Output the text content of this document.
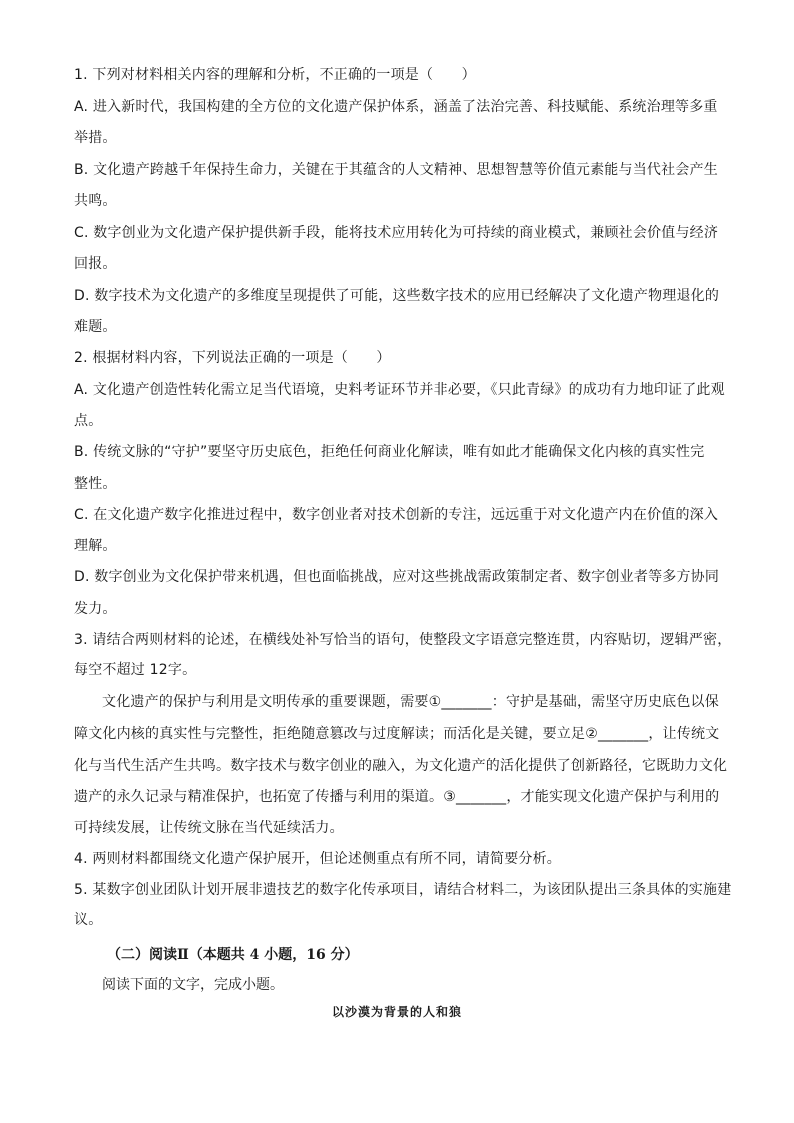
1. 下列对材料相关内容的理解和分析，不正确的一项是（　　）
A. 进入新时代，我国构建的全方位的文化遗产保护体系，涵盖了法治完善、科技赋能、系统治理等多重
举措。
B. 文化遗产跨越千年保持生命力，关键在于其蕴含的人文精神、思想智慧等价值元素能与当代社会产生
共鸣。
C. 数字创业为文化遗产保护提供新手段，能将技术应用转化为可持续的商业模式，兼顾社会价值与经济
回报。
D. 数字技术为文化遗产的多维度呈现提供了可能，这些数字技术的应用已经解决了文化遗产物理退化的
难题。
2. 根据材料内容，下列说法正确的一项是（　　）
A. 文化遗产创造性转化需立足当代语境，史料考证环节并非必要，《只此青绿》的成功有力地印证了此观
点。
B. 传统文脉的“守护”要坚守历史底色，拒绝任何商业化解读，唯有如此才能确保文化内核的真实性完
整性。
C. 在文化遗产数字化推进过程中，数字创业者对技术创新的专注，远远重于对文化遗产内在价值的深入
理解。
D. 数字创业为文化保护带来机遇，但也面临挑战，应对这些挑战需政策制定者、数字创业者等多方协同
发力。
3. 请结合两则材料的论述，在横线处补写恰当的语句，使整段文字语意完整连贯，内容贴切，逻辑严密，
每空不超过 12字。
文化遗产的保护与利用是文明传承的重要课题，需要①_______：守护是基础，需坚守历史底色以保
障文化内核的真实性与完整性，拒绝随意篡改与过度解读；而活化是关键，要立足②_______，让传统文
化与当代生活产生共鸣。数字技术与数字创业的融入，为文化遗产的活化提供了创新路径，它既助力文化
遗产的永久记录与精准保护，也拓宽了传播与利用的渠道。③_______，才能实现文化遗产保护与利用的
可持续发展，让传统文脉在当代延续活力。
4. 两则材料都围绕文化遗产保护展开，但论述侧重点有所不同，请简要分析。
5. 某数字创业团队计划开展非遗技艺的数字化传承项目，请结合材料二，为该团队提出三条具体的实施建
议。
（二）阅读Ⅱ（本题共 4 小题，16 分）
阅读下面的文字，完成小题。
以沙漠为背景的人和狼
